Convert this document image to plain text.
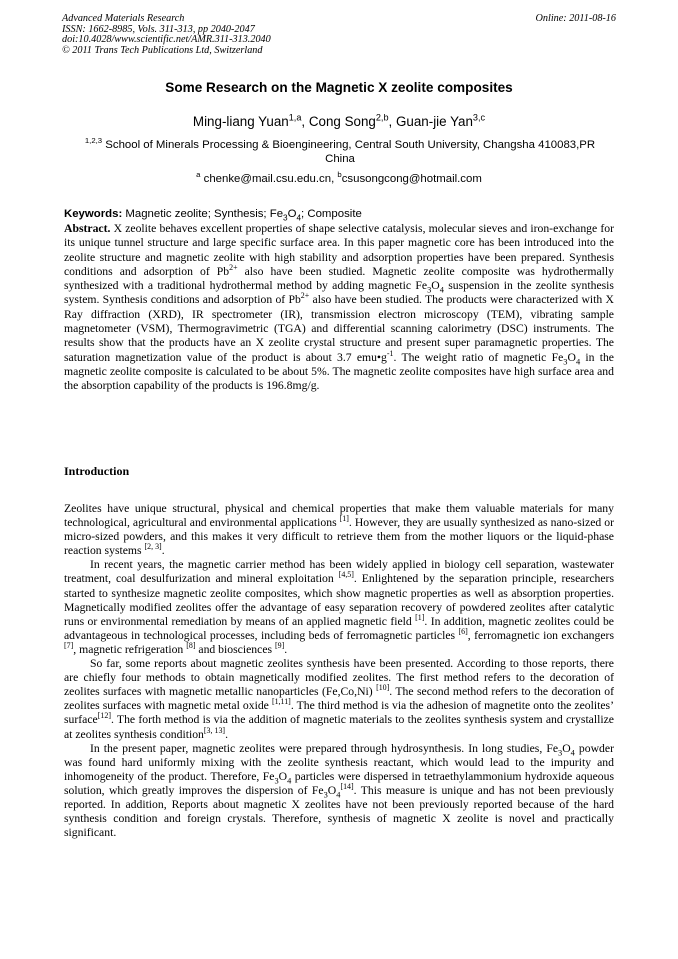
Advanced Materials Research
ISSN: 1662-8985, Vols. 311-313, pp 2040-2047
doi:10.4028/www.scientific.net/AMR.311-313.2040
© 2011 Trans Tech Publications Ltd, Switzerland
Online: 2011-08-16
Some Research on the Magnetic X zeolite composites
Ming-liang Yuan$^{1,a}$, Cong Song$^{2,b}$, Guan-jie Yan$^{3,c}$
$^{1,2,3}$ School of Minerals Processing & Bioengineering, Central South University, Changsha 410083,PR China
$^a$ chenke@mail.csu.edu.cn, $^b$csusongcong@hotmail.com
Keywords: Magnetic zeolite; Synthesis; $Fe_3O_4$; Composite
Abstract. X zeolite behaves excellent properties of shape selective catalysis, molecular sieves and iron-exchange for its unique tunnel structure and large specific surface area. In this paper magnetic core has been introduced into the zeolite structure and magnetic zeolite with high stability and adsorption properties have been prepared. Synthesis conditions and adsorption of $Pb^{2+}$ also have been studied. Magnetic zeolite composite was hydrothermally synthesized with a traditional hydrothermal method by adding magnetic $Fe_3O_4$ suspension in the zeolite synthesis system. Synthesis conditions and adsorption of $Pb^{2+}$ also have been studied. The products were characterized with X Ray diffraction (XRD), IR spectrometer (IR), transmission electron microscopy (TEM), vibrating sample magnetometer (VSM), Thermogravimetric (TGA) and differential scanning calorimetry (DSC) instruments. The results show that the products have an X zeolite crystal structure and present super paramagnetic properties. The saturation magnetization value of the product is about 3.7 $emu•g^{-1}$. The weight ratio of magnetic $Fe_3O_4$ in the magnetic zeolite composite is calculated to be about 5%. The magnetic zeolite composites have high surface area and the absorption capability of the products is 196.8mg/g.
Introduction

Zeolites have unique structural, physical and chemical properties that make them valuable materials for many technological, agricultural and environmental applications [1]. However, they are usually synthesized as nano-sized or micro-sized powders, and this makes it very difficult to retrieve them from the mother liquors or the liquid-phase reaction systems [2, 3].

In recent years, the magnetic carrier method has been widely applied in biology cell separation, wastewater treatment, coal desulfurization and mineral exploitation [4,5]. Enlightened by the separation principle, researchers started to synthesize magnetic zeolite composites, which show magnetic properties as well as absorption properties. Magnetically modified zeolites offer the advantage of easy separation recovery of powdered zeolites after catalytic runs or environmental remediation by means of an applied magnetic field [1]. In addition, magnetic zeolites could be advantageous in technological processes, including beds of ferromagnetic particles [6], ferromagnetic ion exchangers [7], magnetic refrigeration [8] and biosciences [9].

So far, some reports about magnetic zeolites synthesis have been presented. According to those reports, there are chiefly four methods to obtain magnetically modified zeolites. The first method refers to the decoration of zeolites surfaces with magnetic metallic nanoparticles (Fe,Co,Ni) [10]. The second method refers to the decoration of zeolites surfaces with magnetic metal oxide [1,11]. The third method is via the adhesion of magnetite onto the zeolites’ surface[12]. The forth method is via the addition of magnetic materials to the zeolites synthesis system and crystallize at zeolites synthesis condition[3, 13].

In the present paper, magnetic zeolites were prepared through hydrosynthesis. In long studies, $Fe_3O_4$ powder was found hard uniformly mixing with the zeolite synthesis reactant, which would lead to the impurity and inhomogeneity of the product. Therefore, $Fe_3O_4$ particles were dispersed in tetraethylammonium hydroxide aqueous solution, which greatly improves the dispersion of $Fe_3O_4[14]$. This measure is unique and has not been previously reported. In addition, Reports about magnetic X zeolites have not been previously reported because of the hard synthesis condition and foreign crystals. Therefore, synthesis of magnetic X zeolite is novel and practically significant.
